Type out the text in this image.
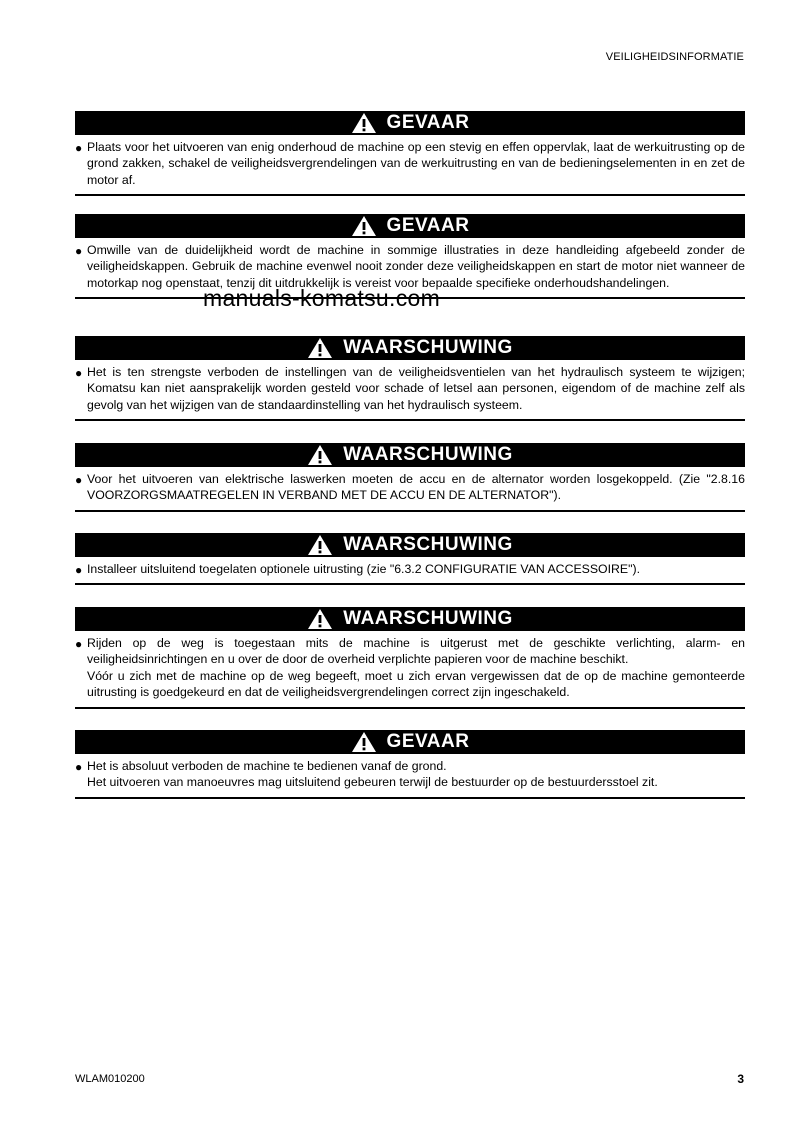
VEILIGHEIDSINFORMATIE
GEVAAR
● Plaats voor het uitvoeren van enig onderhoud de machine op een stevig en effen oppervlak, laat de werkuitrusting op de grond zakken, schakel de veiligheidsvergrendelingen van de werkuitrusting en van de bedieningselementen in en zet de motor af.

GEVAAR
● Omwille van de duidelijkheid wordt de machine in sommige illustraties in deze handleiding afgebeeld zonder de veiligheidskappen. Gebruik de machine evenwel nooit zonder deze veiligheidskappen en start de motor niet wanneer de motorkap nog openstaat, tenzij dit uitdrukkelijk is vereist voor bepaalde specifieke onderhoudshandelingen.

WAARSCHUWING
● Het is ten strengste verboden de instellingen van de veiligheidsventielen van het hydraulisch systeem te wijzigen; Komatsu kan niet aansprakelijk worden gesteld voor schade of letsel aan personen, eigendom of de machine zelf als gevolg van het wijzigen van de standaardinstelling van het hydraulisch systeem.

WAARSCHUWING
● Voor het uitvoeren van elektrische laswerken moeten de accu en de alternator worden losgekoppeld. (Zie "2.8.16 VOORZORGSMAATREGELEN IN VERBAND MET DE ACCU EN DE ALTERNATOR").

WAARSCHUWING
● Installeer uitsluitend toegelaten optionele uitrusting (zie "6.3.2 CONFIGURATIE VAN ACCESSOIRE").

WAARSCHUWING
● Rijden op de weg is toegestaan mits de machine is uitgerust met de geschikte verlichting, alarm- en veiligheidsinrichtingen en u over de door de overheid verplichte papieren voor de machine beschikt.

Vóór u zich met de machine op de weg begeeft, moet u zich ervan vergewissen dat de op de machine gemonteerde uitrusting is goedgekeurd en dat de veiligheidsvergrendelingen correct zijn ingeschakeld.

GEVAAR
● Het is absoluut verboden de machine te bedienen vanaf de grond.

Het uitvoeren van manoeuvres mag uitsluitend gebeuren terwijl de bestuurder op de bestuurdersstoel zit.

manuals-komatsu.com
WLAM010200	3
